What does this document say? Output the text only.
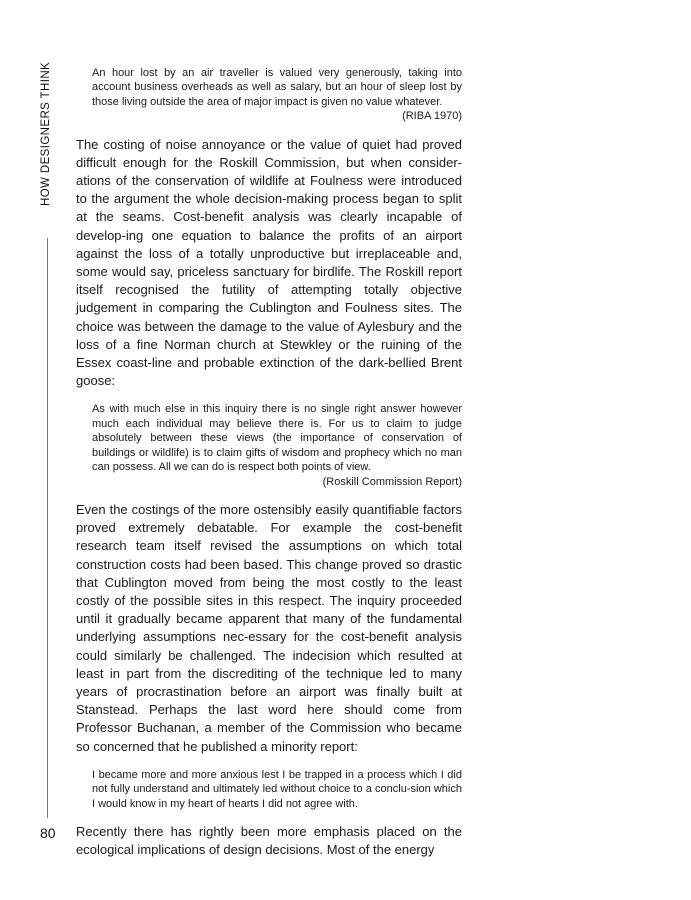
HOW DESIGNERS THINK
80
An hour lost by an air traveller is valued very generously, taking into account business overheads as well as salary, but an hour of sleep lost by those living outside the area of major impact is given no value whatever.
(RIBA 1970)

The costing of noise annoyance or the value of quiet had proved difficult enough for the Roskill Commission, but when consider-ations of the conservation of wildlife at Foulness were introduced to the argument the whole decision-making process began to split at the seams. Cost-benefit analysis was clearly incapable of develop-ing one equation to balance the profits of an airport against the loss of a totally unproductive but irreplaceable and, some would say, priceless sanctuary for birdlife. The Roskill report itself recognised the futility of attempting totally objective judgement in comparing the Cublington and Foulness sites. The choice was between the damage to the value of Aylesbury and the loss of a fine Norman church at Stewkley or the ruining of the Essex coast-line and probable extinction of the dark-bellied Brent goose:

As with much else in this inquiry there is no single right answer however much each individual may believe there is. For us to claim to judge absolutely between these views (the importance of conservation of buildings or wildlife) is to claim gifts of wisdom and prophecy which no man can possess. All we can do is respect both points of view.
(Roskill Commission Report)

Even the costings of the more ostensibly easily quantifiable factors proved extremely debatable. For example the cost-benefit research team itself revised the assumptions on which total construction costs had been based. This change proved so drastic that Cublington moved from being the most costly to the least costly of the possible sites in this respect. The inquiry proceeded until it gradually became apparent that many of the fundamental underlying assumptions nec-essary for the cost-benefit analysis could similarly be challenged. The indecision which resulted at least in part from the discrediting of the technique led to many years of procrastination before an airport was finally built at Stanstead. Perhaps the last word here should come from Professor Buchanan, a member of the Commission who became so concerned that he published a minority report:

I became more and more anxious lest I be trapped in a process which I did not fully understand and ultimately led without choice to a conclu-sion which I would know in my heart of hearts I did not agree with.

Recently there has rightly been more emphasis placed on the ecological implications of design decisions. Most of the energy
